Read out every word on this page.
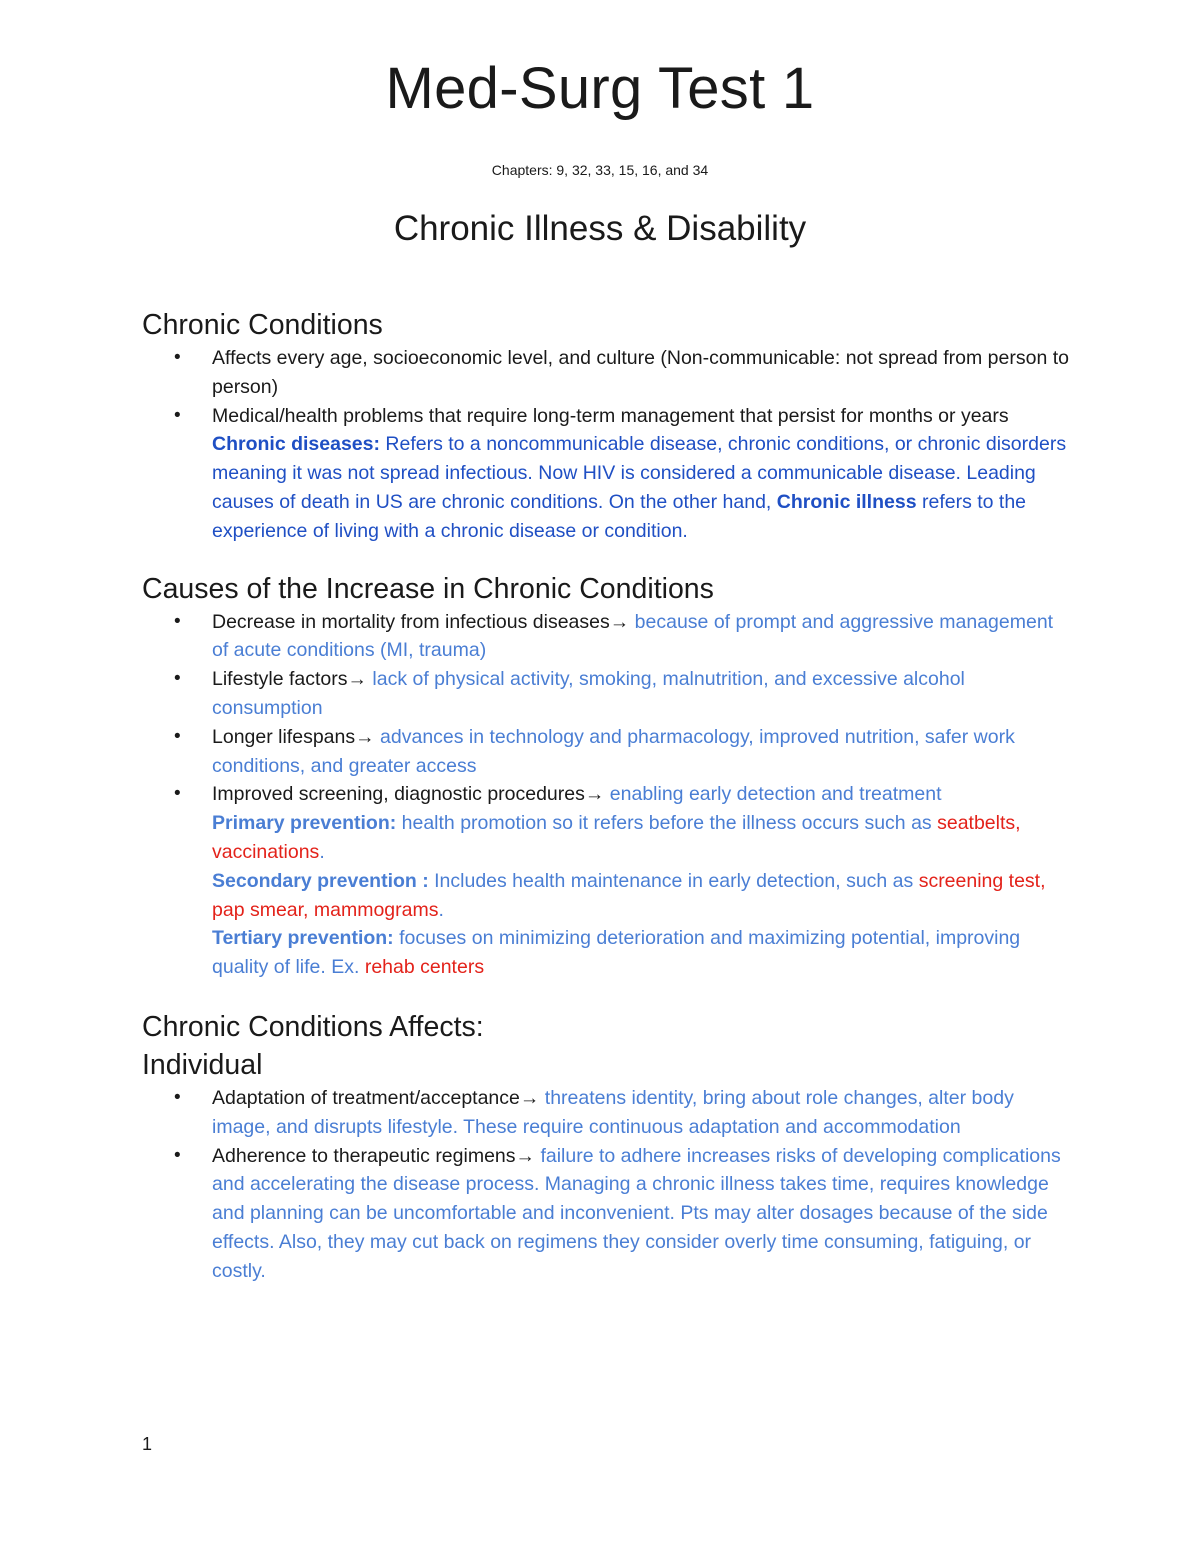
Med-Surg Test 1
Chapters: 9, 32, 33, 15, 16, and 34
Chronic Illness & Disability
Chronic Conditions
• Affects every age, socioeconomic level, and culture (Non-communicable: not spread from person to person)
• Medical/health problems that require long-term management that persist for months or years
Chronic diseases: Refers to a noncommunicable disease, chronic conditions, or chronic disorders meaning it was not spread infectious. Now HIV is considered a communicable disease. Leading causes of death in US are chronic conditions. On the other hand, Chronic illness refers to the experience of living with a chronic disease or condition.
Causes of the Increase in Chronic Conditions
• Decrease in mortality from infectious diseases→ because of prompt and aggressive management of acute conditions (MI, trauma)
• Lifestyle factors→ lack of physical activity, smoking, malnutrition, and excessive alcohol consumption
• Longer lifespans→ advances in technology and pharmacology, improved nutrition, safer work conditions, and greater access
• Improved screening, diagnostic procedures→ enabling early detection and treatment
Primary prevention: health promotion so it refers before the illness occurs such as seatbelts, vaccinations.
Secondary prevention : Includes health maintenance in early detection, such as screening test, pap smear, mammograms.
Tertiary prevention: focuses on minimizing deterioration and maximizing potential, improving quality of life. Ex. rehab centers
Chronic Conditions Affects:
Individual
• Adaptation of treatment/acceptance→ threatens identity, bring about role changes, alter body image, and disrupts lifestyle. These require continuous adaptation and accommodation
• Adherence to therapeutic regimens→ failure to adhere increases risks of developing complications and accelerating the disease process. Managing a chronic illness takes time, requires knowledge and planning can be uncomfortable and inconvenient. Pts may alter dosages because of the side effects. Also, they may cut back on regimens they consider overly time consuming, fatiguing, or costly.
1
